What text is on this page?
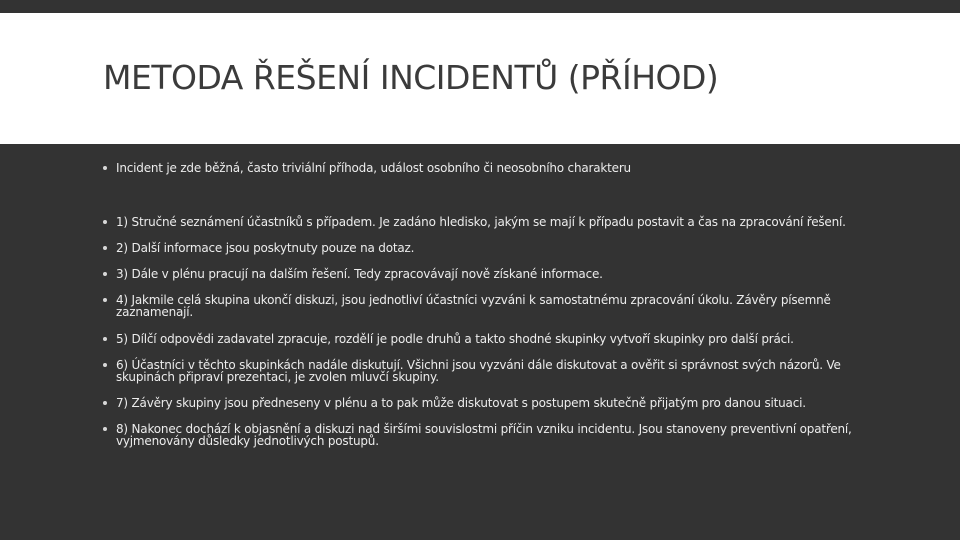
METODA ŘEŠENÍ INCIDENTŮ (PŘÍHOD)
Incident je zde běžná, často triviální příhoda, událost osobního či neosobního charakteru
1) Stručné seznámení účastníků s případem. Je zadáno hledisko, jakým se mají k případu postavit a čas na zpracování řešení.
2) Další informace jsou poskytnuty pouze na dotaz.
3) Dále v plénu pracují na dalším řešení. Tedy zpracovávají nově získané informace.
4) Jakmile celá skupina ukončí diskuzi, jsou jednotliví účastníci vyzváni k samostatnému zpracování úkolu. Závěry písemně zaznamenají.
5) Dílčí odpovědi zadavatel zpracuje, rozdělí je podle druhů a takto shodné skupinky vytvoří skupinky pro další práci.
6) Účastníci v těchto skupinkách nadále diskutují. Všichni jsou vyzváni dále diskutovat a ověřit si správnost svých názorů. Ve skupinách připraví prezentaci, je zvolen mluvčí skupiny.
7) Závěry skupiny jsou předneseny v plénu a to pak může diskutovat s postupem skutečně přijatým pro danou situaci.
8) Nakonec dochází k objasnění a diskuzi nad širšími souvislostmi příčin vzniku incidentu. Jsou stanoveny preventivní opatření, vyjmenovány důsledky jednotlivých postupů.
